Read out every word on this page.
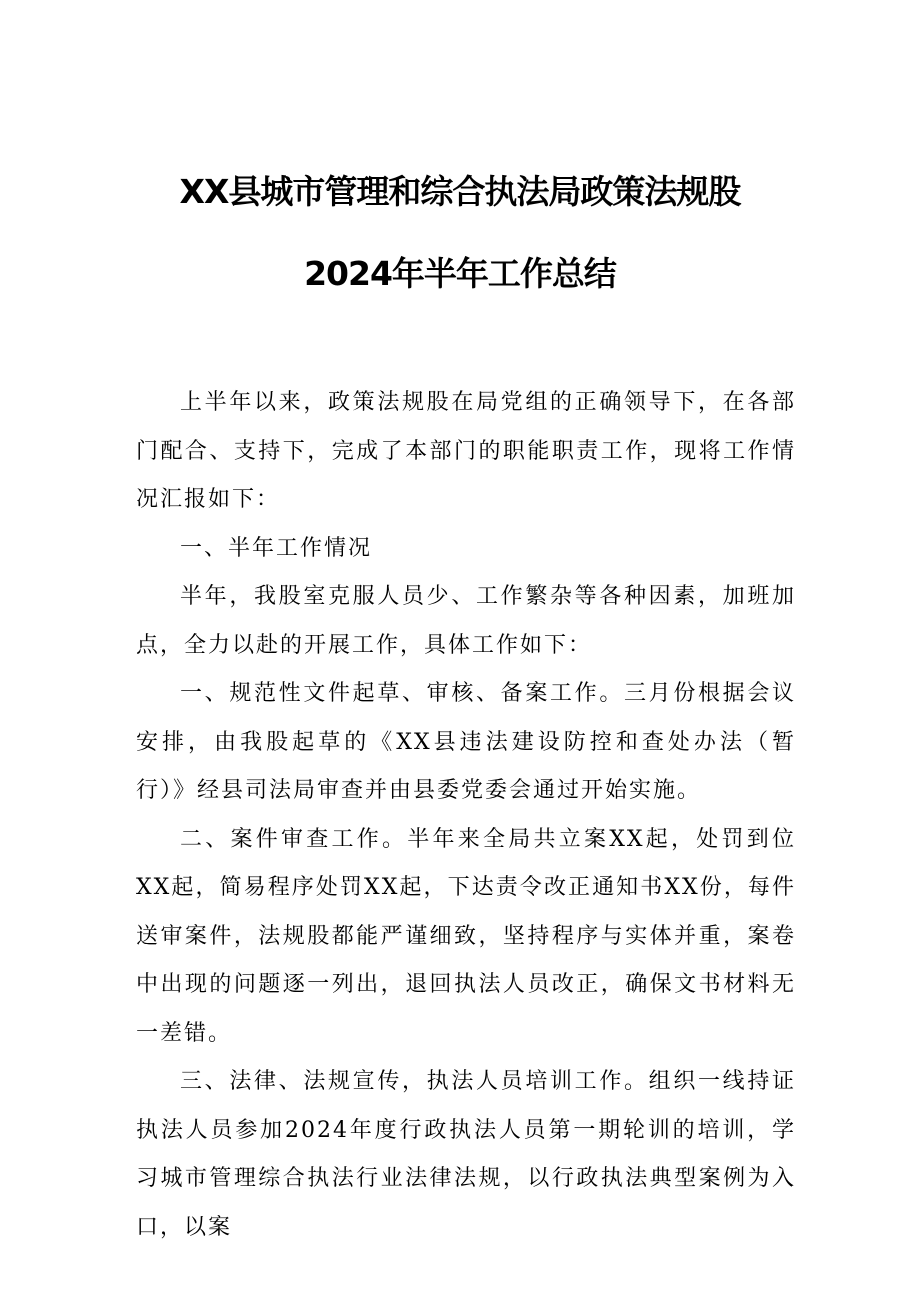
XX县城市管理和综合执法局政策法规股
2024年半年工作总结

上半年以来，政策法规股在局党组的正确领导下，在各部门配合、支持下，完成了本部门的职能职责工作，现将工作情况汇报如下：

一、半年工作情况

半年，我股室克服人员少、工作繁杂等各种因素，加班加点，全力以赴的开展工作，具体工作如下：

一、规范性文件起草、审核、备案工作。三月份根据会议安排，由我股起草的《XX县违法建设防控和查处办法（暂行）》经县司法局审查并由县委党委会通过开始实施。

二、案件审查工作。半年来全局共立案XX起，处罚到位XX起，简易程序处罚XX起，下达责令改正通知书XX份，每件送审案件，法规股都能严谨细致，坚持程序与实体并重，案卷中出现的问题逐一列出，退回执法人员改正，确保文书材料无一差错。

三、法律、法规宣传，执法人员培训工作。组织一线持证执法人员参加2024年度行政执法人员第一期轮训的培训，学习城市管理综合执法行业法律法规，以行政执法典型案例为入口，以案
